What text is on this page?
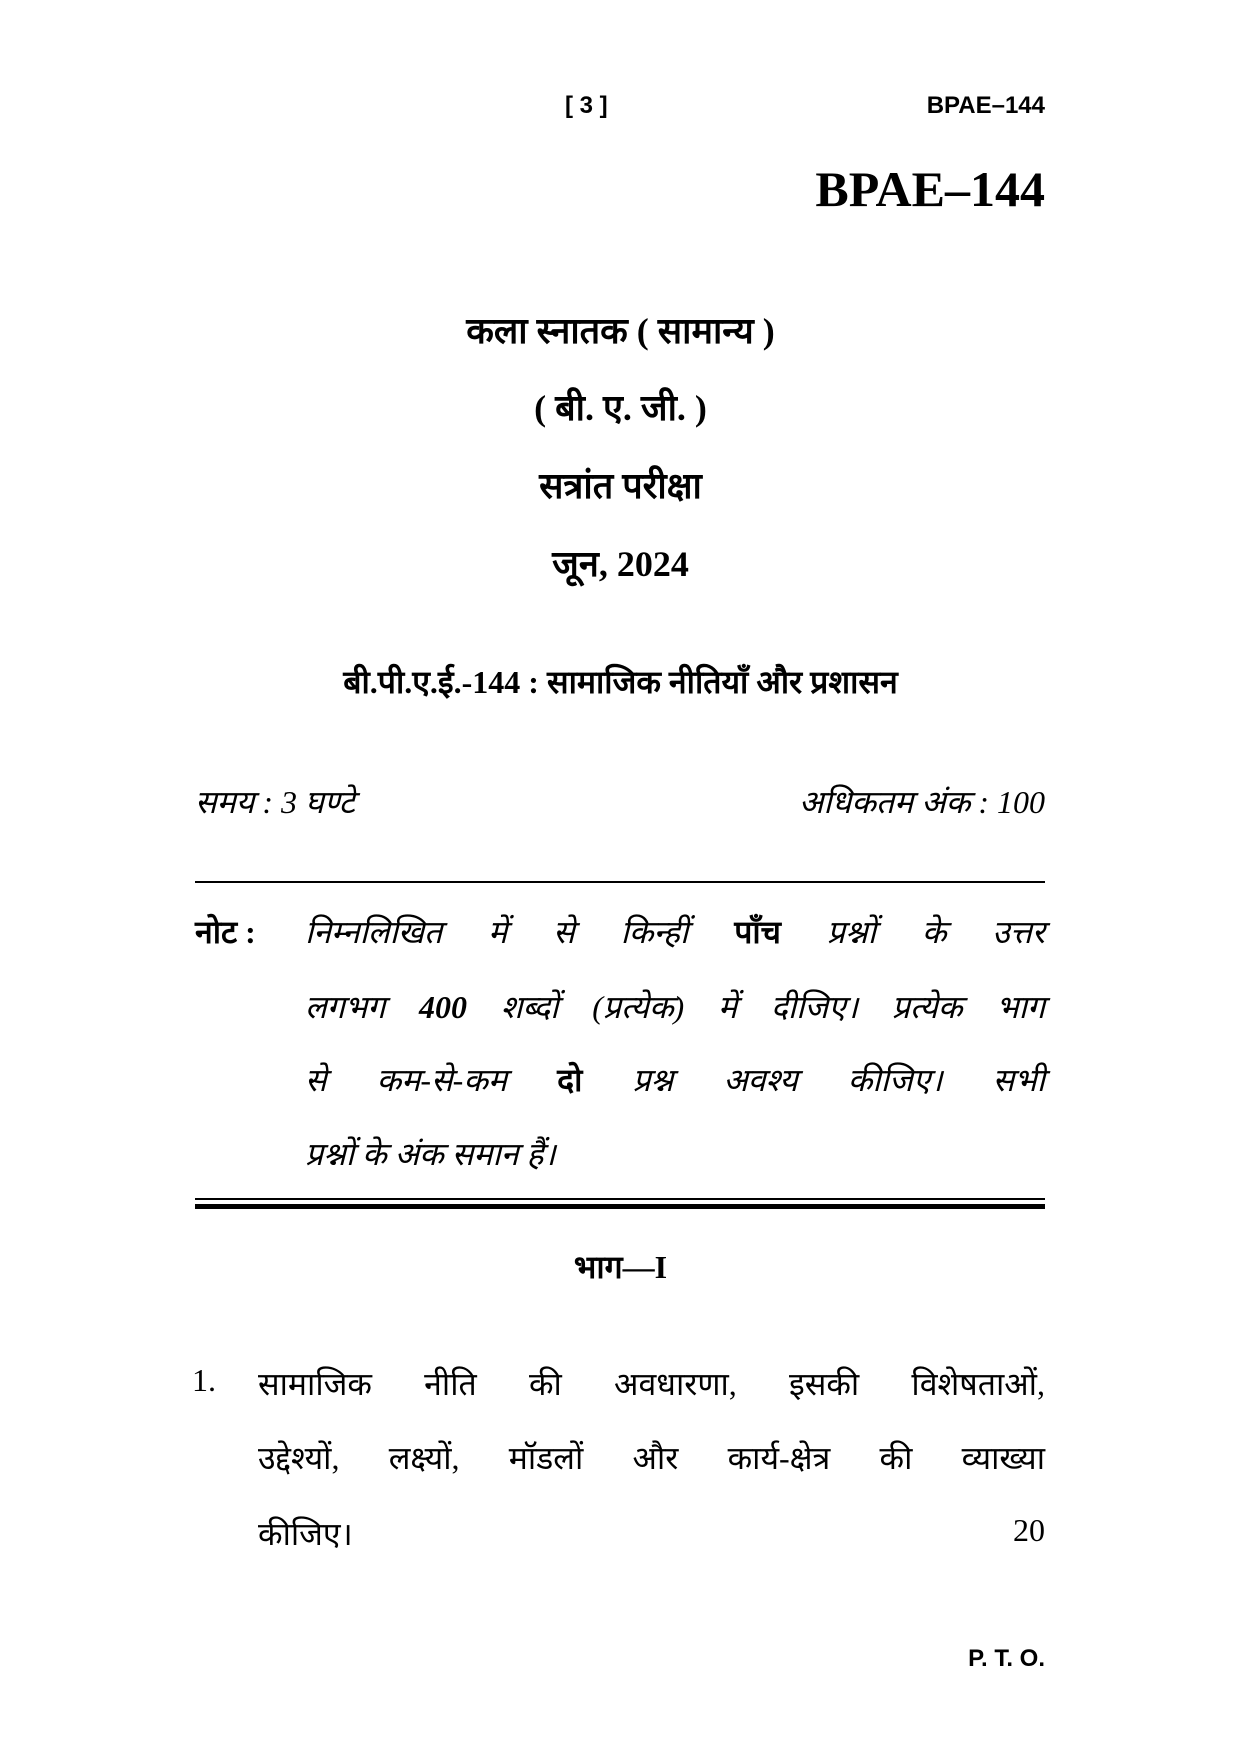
[ 3 ]	BPAE–144
BPAE–144
कला स्नातक ( सामान्य )
( बी. ए. जी. )
सत्रांत परीक्षा
जून, 2024
बी.पी.ए.ई.-144 : सामाजिक नीतियाँ और प्रशासन
समय : 3 घण्टे	अधिकतम अंक : 100
नोट : निम्नलिखित में से किन्हीं पाँच प्रश्नों के उत्तर
लगभग 400 शब्दों (प्रत्येक) में दीजिए। प्रत्येक भाग
से कम-से-कम दो प्रश्न अवश्य कीजिए। सभी
प्रश्नों के अंक समान हैं।
भाग—I
1. सामाजिक नीति की अवधारणा, इसकी विशेषताओं,
उद्देश्यों, लक्ष्यों, मॉडलों और कार्य-क्षेत्र की व्याख्या
कीजिए।	20
P. T. O.
